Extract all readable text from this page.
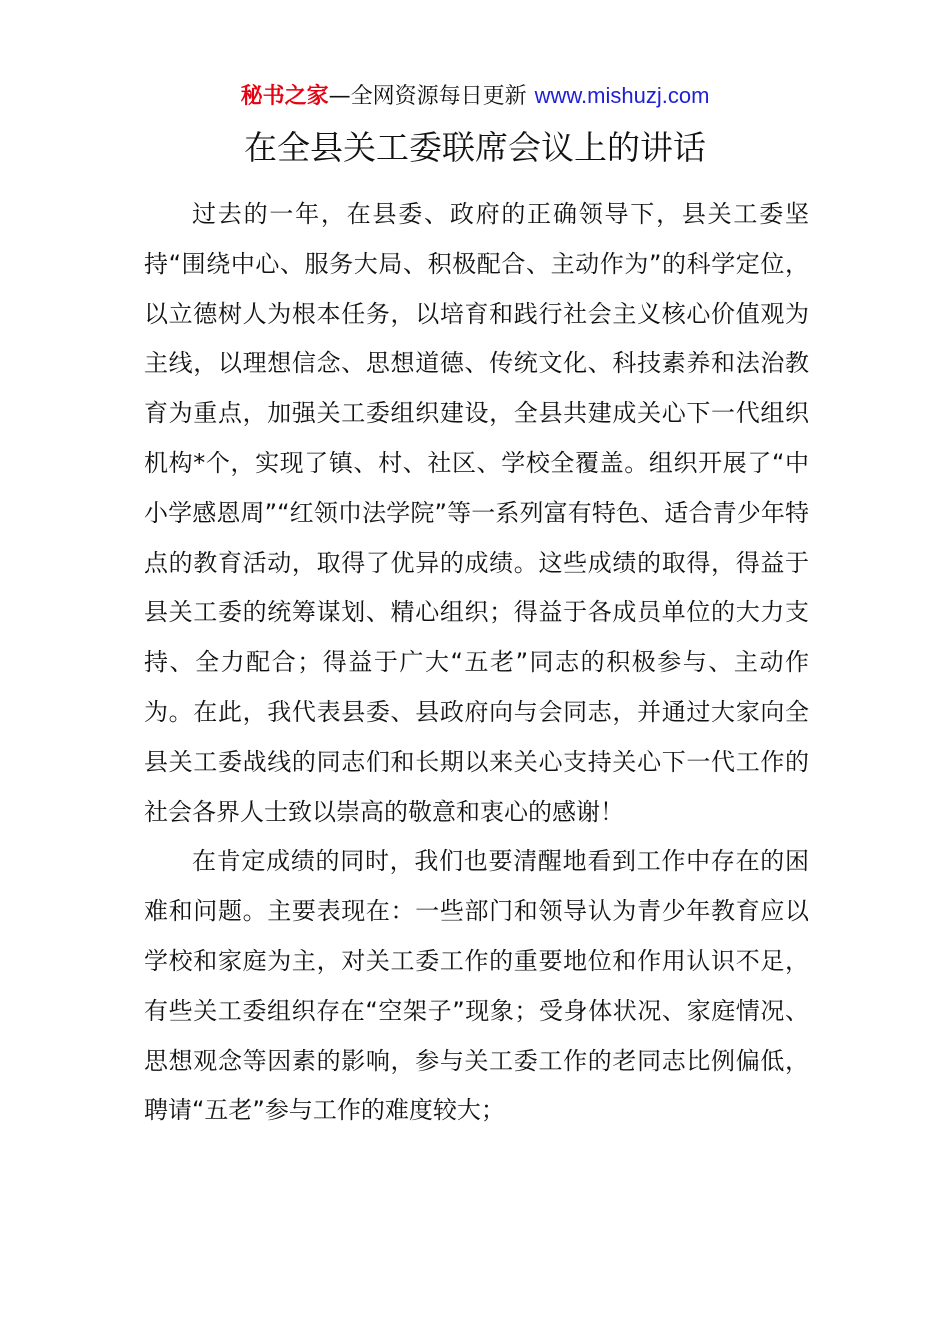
秘书之家—全网资源每日更新 www.mishuzj.com
在全县关工委联席会议上的讲话

过去的一年，在县委、政府的正确领导下，县关工委坚持“围绕中心、服务大局、积极配合、主动作为”的科学定位，以立德树人为根本任务，以培育和践行社会主义核心价值观为主线，以理想信念、思想道德、传统文化、科技素养和法治教育为重点，加强关工委组织建设，全县共建成关心下一代组织机构*个，实现了镇、村、社区、学校全覆盖。组织开展了“中小学感恩周”“红领巾法学院”等一系列富有特色、适合青少年特点的教育活动，取得了优异的成绩。这些成绩的取得，得益于县关工委的统筹谋划、精心组织；得益于各成员单位的大力支持、全力配合；得益于广大“五老”同志的积极参与、主动作为。在此，我代表县委、县政府向与会同志，并通过大家向全县关工委战线的同志们和长期以来关心支持关心下一代工作的社会各界人士致以崇高的敬意和衷心的感谢！

在肯定成绩的同时，我们也要清醒地看到工作中存在的困难和问题。主要表现在：一些部门和领导认为青少年教育应以学校和家庭为主，对关工委工作的重要地位和作用认识不足，有些关工委组织存在“空架子”现象；受身体状况、家庭情况、思想观念等因素的影响，参与关工委工作的老同志比例偏低，聘请“五老”参与工作的难度较大；
